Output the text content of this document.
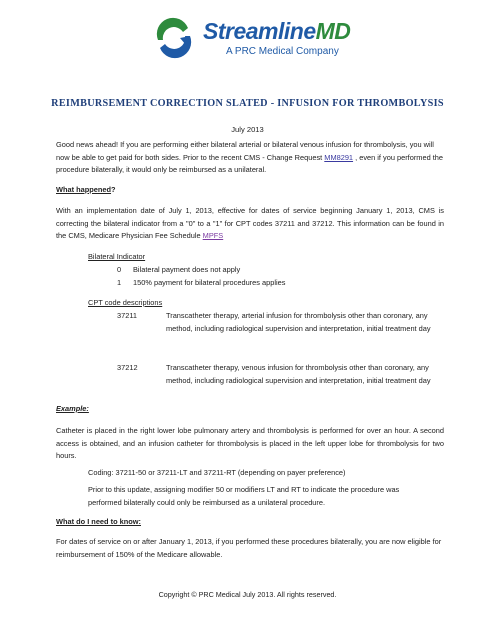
StreamlineMD
A PRC Medical Company
REIMBURSEMENT CORRECTION SLATED - INFUSION FOR THROMBOLYSIS
July 2013

Good news ahead! If you are performing either bilateral arterial or bilateral venous infusion for thrombolysis, you will now be able to get paid for both sides. Prior to the recent CMS - Change Request MM8291 , even if you performed the procedure bilaterally, it would only be reimbursed as a unilateral.

What happened?

With an implementation date of July 1, 2013, effective for dates of service beginning January 1, 2013, CMS is correcting the bilateral indicator from a "0" to a "1" for CPT codes 37211 and 37212. This information can be found in the CMS, Medicare Physician Fee Schedule MPFS

Bilateral Indicator
0 Bilateral payment does not apply
1 150% payment for bilateral procedures applies
CPT code descriptions
37211	Transcatheter therapy, arterial infusion for thrombolysis other than coronary, any method, including radiological supervision and interpretation, initial treatment day
37212	Transcatheter therapy, venous infusion for thrombolysis other than coronary, any method, including radiological supervision and interpretation, initial treatment day
Example:

Catheter is placed in the right lower lobe pulmonary artery and thrombolysis is performed for over an hour. A second access is obtained, and an infusion catheter for thrombolysis is placed in the left upper lobe for thrombolysis for two hours.

Coding: 37211-50 or 37211-LT and 37211-RT (depending on payer preference)

Prior to this update, assigning modifier 50 or modifiers LT and RT to indicate the procedure was performed bilaterally could only be reimbursed as a unilateral procedure.

What do I need to know:

For dates of service on or after January 1, 2013, if you performed these procedures bilaterally, you are now eligible for reimbursement of 150% of the Medicare allowable.

Copyright © PRC Medical July 2013. All rights reserved.
